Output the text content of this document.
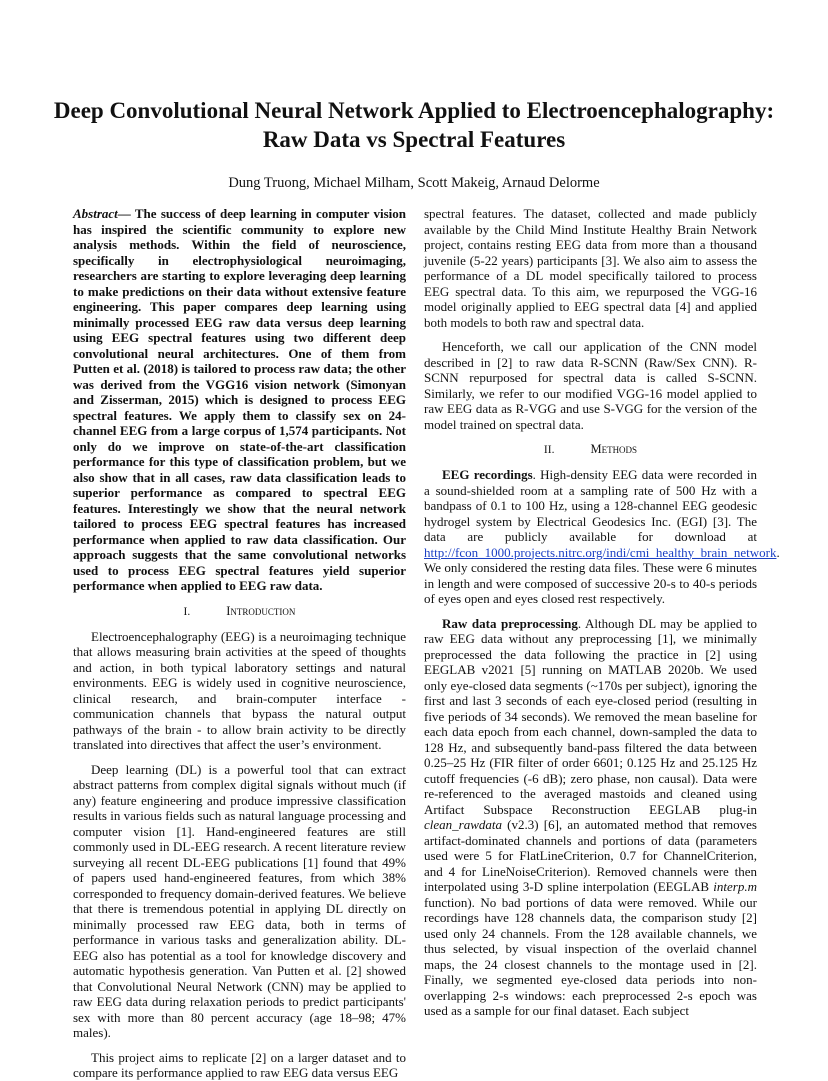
Deep Convolutional Neural Network Applied to Electroencephalography:
Raw Data vs Spectral Features
Dung Truong, Michael Milham, Scott Makeig, Arnaud Delorme

Abstract— The success of deep learning in computer vision has inspired the scientific community to explore new analysis methods. Within the field of neuroscience, specifically in electrophysiological neuroimaging, researchers are starting to explore leveraging deep learning to make predictions on their data without extensive feature engineering. This paper compares deep learning using minimally processed EEG raw data versus deep learning using EEG spectral features using two different deep convolutional neural architectures. One of them from Putten et al. (2018) is tailored to process raw data; the other was derived from the VGG16 vision network (Simonyan and Zisserman, 2015) which is designed to process EEG spectral features. We apply them to classify sex on 24-channel EEG from a large corpus of 1,574 participants. Not only do we improve on state-of-the-art classification performance for this type of classification problem, but we also show that in all cases, raw data classification leads to superior performance as compared to spectral EEG features. Interestingly we show that the neural network tailored to process EEG spectral features has increased performance when applied to raw data classification. Our approach suggests that the same convolutional networks used to process EEG spectral features yield superior performance when applied to EEG raw data.

I.	Introduction

Electroencephalography (EEG) is a neuroimaging technique that allows measuring brain activities at the speed of thoughts and action, in both typical laboratory settings and natural environments. EEG is widely used in cognitive neuroscience, clinical research, and brain-computer interface - communication channels that bypass the natural output pathways of the brain - to allow brain activity to be directly translated into directives that affect the user’s environment.

Deep learning (DL) is a powerful tool that can extract abstract patterns from complex digital signals without much (if any) feature engineering and produce impressive classification results in various fields such as natural language processing and computer vision [1]. Hand-engineered features are still commonly used in DL-EEG research. A recent literature review surveying all recent DL-EEG publications [1] found that 49% of papers used hand-engineered features, from which 38% corresponded to frequency domain-derived features. We believe that there is tremendous potential in applying DL directly on minimally processed raw EEG data, both in terms of performance in various tasks and generalization ability. DL-EEG also has potential as a tool for knowledge discovery and automatic hypothesis generation. Van Putten et al. [2] showed that Convolutional Neural Network (CNN) may be applied to raw EEG data during relaxation periods to predict participants' sex with more than 80 percent accuracy (age 18–98; 47% males).

This project aims to replicate [2] on a larger dataset and to compare its performance applied to raw EEG data versus EEG

spectral features. The dataset, collected and made publicly available by the Child Mind Institute Healthy Brain Network project, contains resting EEG data from more than a thousand juvenile (5-22 years) participants [3]. We also aim to assess the performance of a DL model specifically tailored to process EEG spectral data. To this aim, we repurposed the VGG-16 model originally applied to EEG spectral data [4] and applied both models to both raw and spectral data.

Henceforth, we call our application of the CNN model described in [2] to raw data R-SCNN (Raw/Sex CNN). R-SCNN repurposed for spectral data is called S-SCNN. Similarly, we refer to our modified VGG-16 model applied to raw EEG data as R-VGG and use S-VGG for the version of the model trained on spectral data.

II.	Methods

EEG recordings. High-density EEG data were recorded in a sound-shielded room at a sampling rate of 500 Hz with a bandpass of 0.1 to 100 Hz, using a 128-channel EEG geodesic hydrogel system by Electrical Geodesics Inc. (EGI) [3]. The data are publicly available for download at http://fcon_1000.projects.nitrc.org/indi/cmi_healthy_brain_network. We only considered the resting data files. These were 6 minutes in length and were composed of successive 20-s to 40-s periods of eyes open and eyes closed rest respectively.

Raw data preprocessing. Although DL may be applied to raw EEG data without any preprocessing [1], we minimally preprocessed the data following the practice in [2] using EEGLAB v2021 [5] running on MATLAB 2020b. We used only eye-closed data segments (~170s per subject), ignoring the first and last 3 seconds of each eye-closed period (resulting in five periods of 34 seconds). We removed the mean baseline for each data epoch from each channel, down-sampled the data to 128 Hz, and subsequently band-pass filtered the data between 0.25–25 Hz (FIR filter of order 6601; 0.125 Hz and 25.125 Hz cutoff frequencies (-6 dB); zero phase, non causal). Data were re-referenced to the averaged mastoids and cleaned using Artifact Subspace Reconstruction EEGLAB plug-in clean_rawdata (v2.3) [6], an automated method that removes artifact-dominated channels and portions of data (parameters used were 5 for FlatLineCriterion, 0.7 for ChannelCriterion, and 4 for LineNoiseCriterion). Removed channels were then interpolated using 3-D spline interpolation (EEGLAB interp.m function). No bad portions of data were removed. While our recordings have 128 channels data, the comparison study [2] used only 24 channels. From the 128 available channels, we thus selected, by visual inspection of the overlaid channel maps, the 24 closest channels to the montage used in [2]. Finally, we segmented eye-closed data periods into non-overlapping 2-s windows: each preprocessed 2-s epoch was used as a sample for our final dataset. Each subject
